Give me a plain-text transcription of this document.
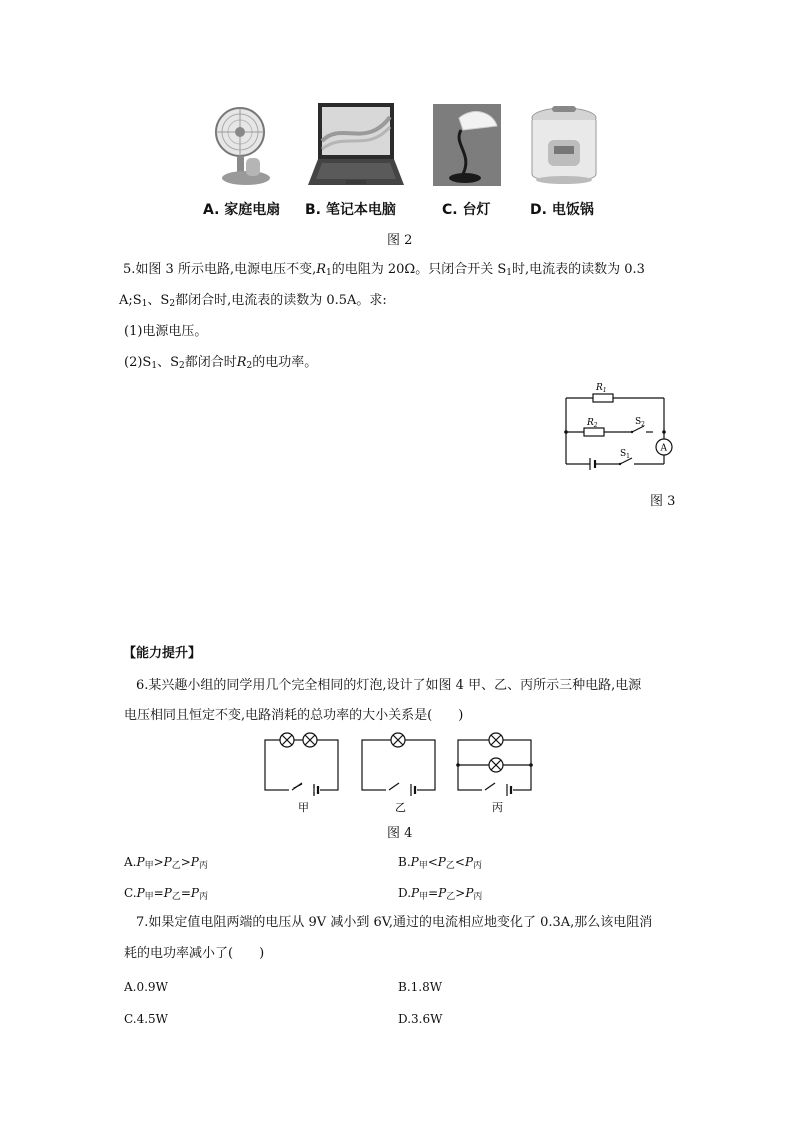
A. 家庭电扇 B. 笔记本电脑	C. 台灯	D. 电饭锅
图 2
5.如图 3 所示电路,电源电压不变$,R_1$的电阻为 20Ω。只闭合开关 $S_1$时,电流表的读数为 0.3
$A;S_1$、$S_2$都闭合时,电流表的读数为 0.5A。求:
(1)电源电压。
$(2)S_1$、$S_2$都闭合时$R_2$的电功率。
$R_1$
$R_2$	$S_2$
$S_1$
A
图 3
【能力提升】
6.某兴趣小组的同学用几个完全相同的灯泡,设计了如图 4 甲、乙、丙所示三种电路,电源
电压相同且恒定不变,电路消耗的总功率的大小关系是(　　)
甲	乙	丙
图 4
$A.P_甲>P_乙>P_丙$	$B.P_甲<P_乙<P_丙$
$C.P_甲=P_乙=P_丙$	$D.P_甲=P_乙>P_丙$
7.如果定值电阻两端的电压从 9V 减小到 6V,通过的电流相应地变化了 0.3A,那么该电阻消
耗的电功率减小了(　　)
A.0.9W	B.1.8W
C.4.5W	D.3.6W
